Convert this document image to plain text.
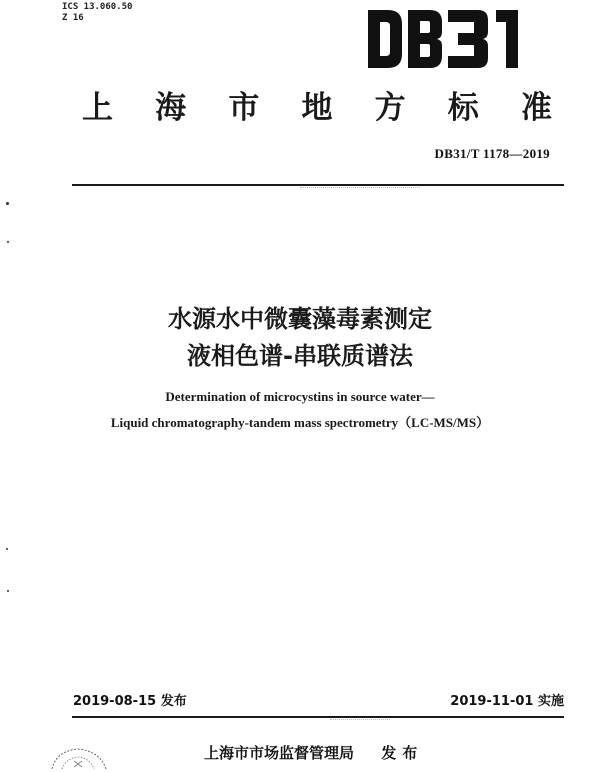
ICS 13.060.50
Z 16
DB31
上 海 市 地 方 标 准
DB31/T 1178—2019
水源水中微囊藻毒素测定
液相色谱-串联质谱法
Determination of microcystins in source water—
Liquid chromatography-tandem mass spectrometry（LC-MS/MS）
2019-08-15 发布	2019-11-01 实施
上海市市场监督管理局 发布
